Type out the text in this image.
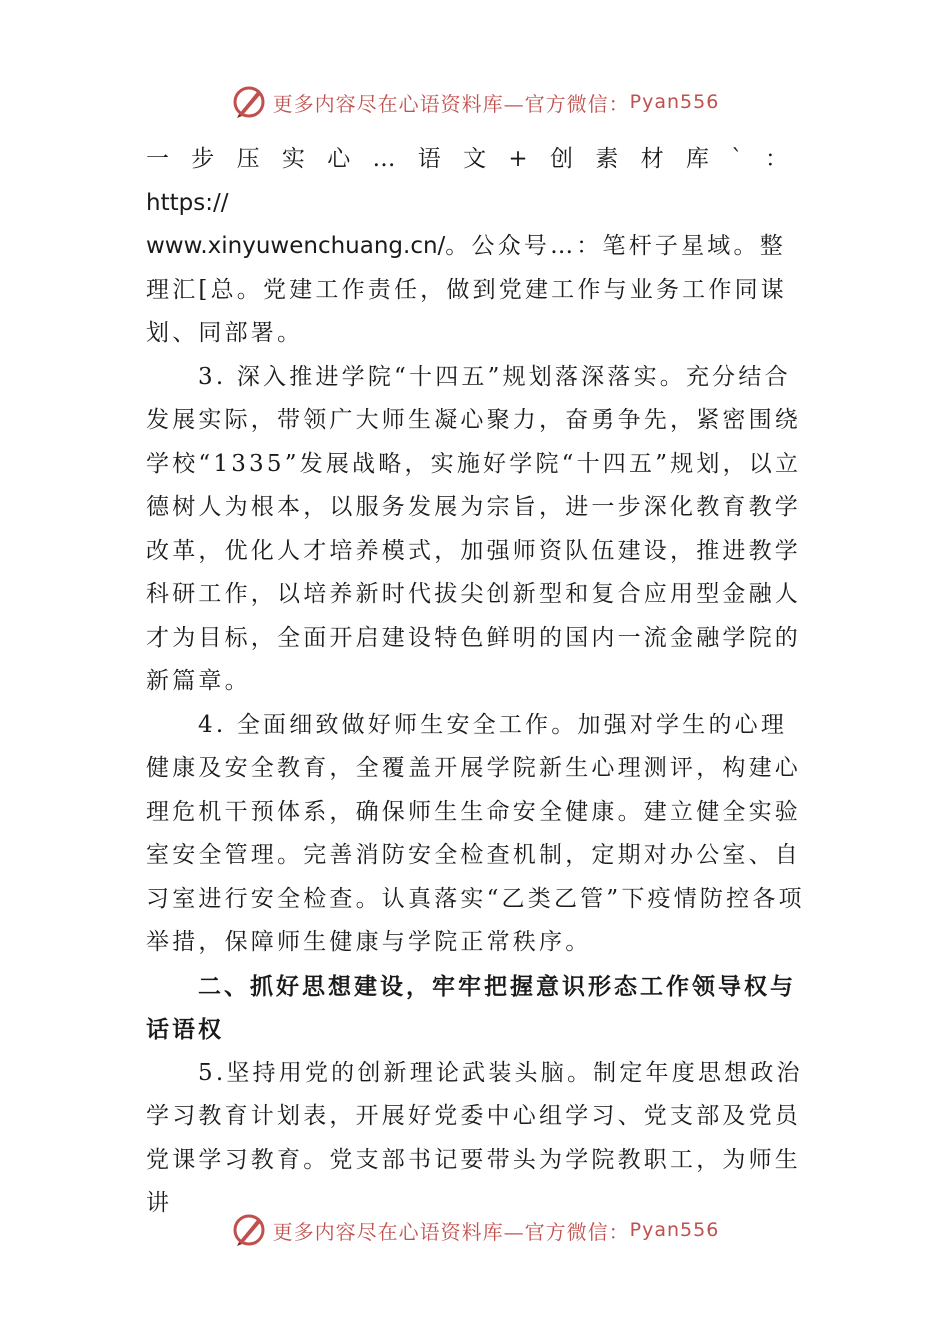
更多内容尽在心语资料库—官方微信： Pyan556

一步压实心…语文+创素材库`：https://

www.xinyuwenchuang.cn/。公众号…：笔杆子星域。整理汇[总。党建工作责任，做到党建工作与业务工作同谋划、同部署。

3. 深入推进学院“十四五”规划落深落实。充分结合发展实际，带领广大师生凝心聚力，奋勇争先，紧密围绕学校“1335”发展战略，实施好学院“十四五”规划，以立德树人为根本，以服务发展为宗旨，进一步深化教育教学改革，优化人才培养模式，加强师资队伍建设，推进教学科研工作，以培养新时代拔尖创新型和复合应用型金融人才为目标，全面开启建设特色鲜明的国内一流金融学院的新篇章。

4. 全面细致做好师生安全工作。加强对学生的心理健康及安全教育，全覆盖开展学院新生心理测评，构建心理危机干预体系，确保师生生命安全健康。建立健全实验室安全管理。完善消防安全检查机制，定期对办公室、自习室进行安全检查。认真落实“乙类乙管”下疫情防控各项举措，保障师生健康与学院正常秩序。

二、抓好思想建设，牢牢把握意识形态工作领导权与话语权

5.坚持用党的创新理论武装头脑。制定年度思想政治学习教育计划表，开展好党委中心组学习、党支部及党员党课学习教育。党支部书记要带头为学院教职工，为师生讲

更多内容尽在心语资料库—官方微信： Pyan556
